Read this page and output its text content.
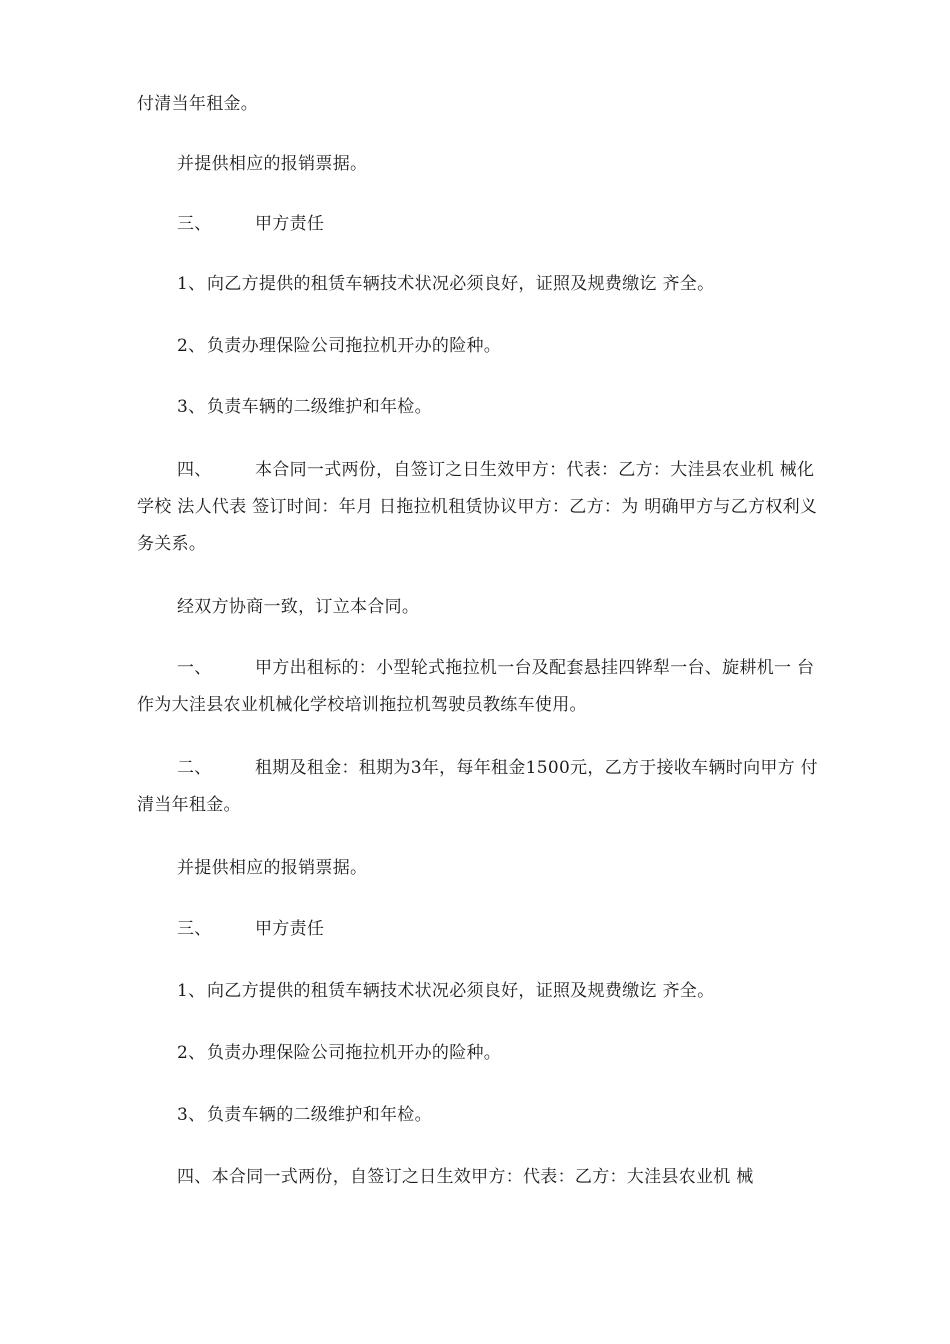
付清当年租金。
并提供相应的报销票据。
三、	甲方责任
1、向乙方提供的租赁车辆技术状况必须良好，证照及规费缴讫 齐全。
2、负责办理保险公司拖拉机开办的险种。
3、负责车辆的二级维护和年检。
四、	本合同一式两份，自签订之日生效甲方：代表：乙方：大洼县农业机 械化学校 法人代表 签订时间：年月 日拖拉机租赁协议甲方：乙方：为 明确甲方与乙方权利义务关系。
经双方协商一致，订立本合同。
一、	甲方出租标的：小型轮式拖拉机一台及配套悬挂四铧犁一台、旋耕机一 台作为大洼县农业机械化学校培训拖拉机驾驶员教练车使用。
二、	租期及租金：租期为3年，每年租金1500元，乙方于接收车辆时向甲方 付清当年租金。
并提供相应的报销票据。
三、	甲方责任
1、向乙方提供的租赁车辆技术状况必须良好，证照及规费缴讫 齐全。
2、负责办理保险公司拖拉机开办的险种。
3、负责车辆的二级维护和年检。
四、本合同一式两份，自签订之日生效甲方：代表：乙方：大洼县农业机 械
